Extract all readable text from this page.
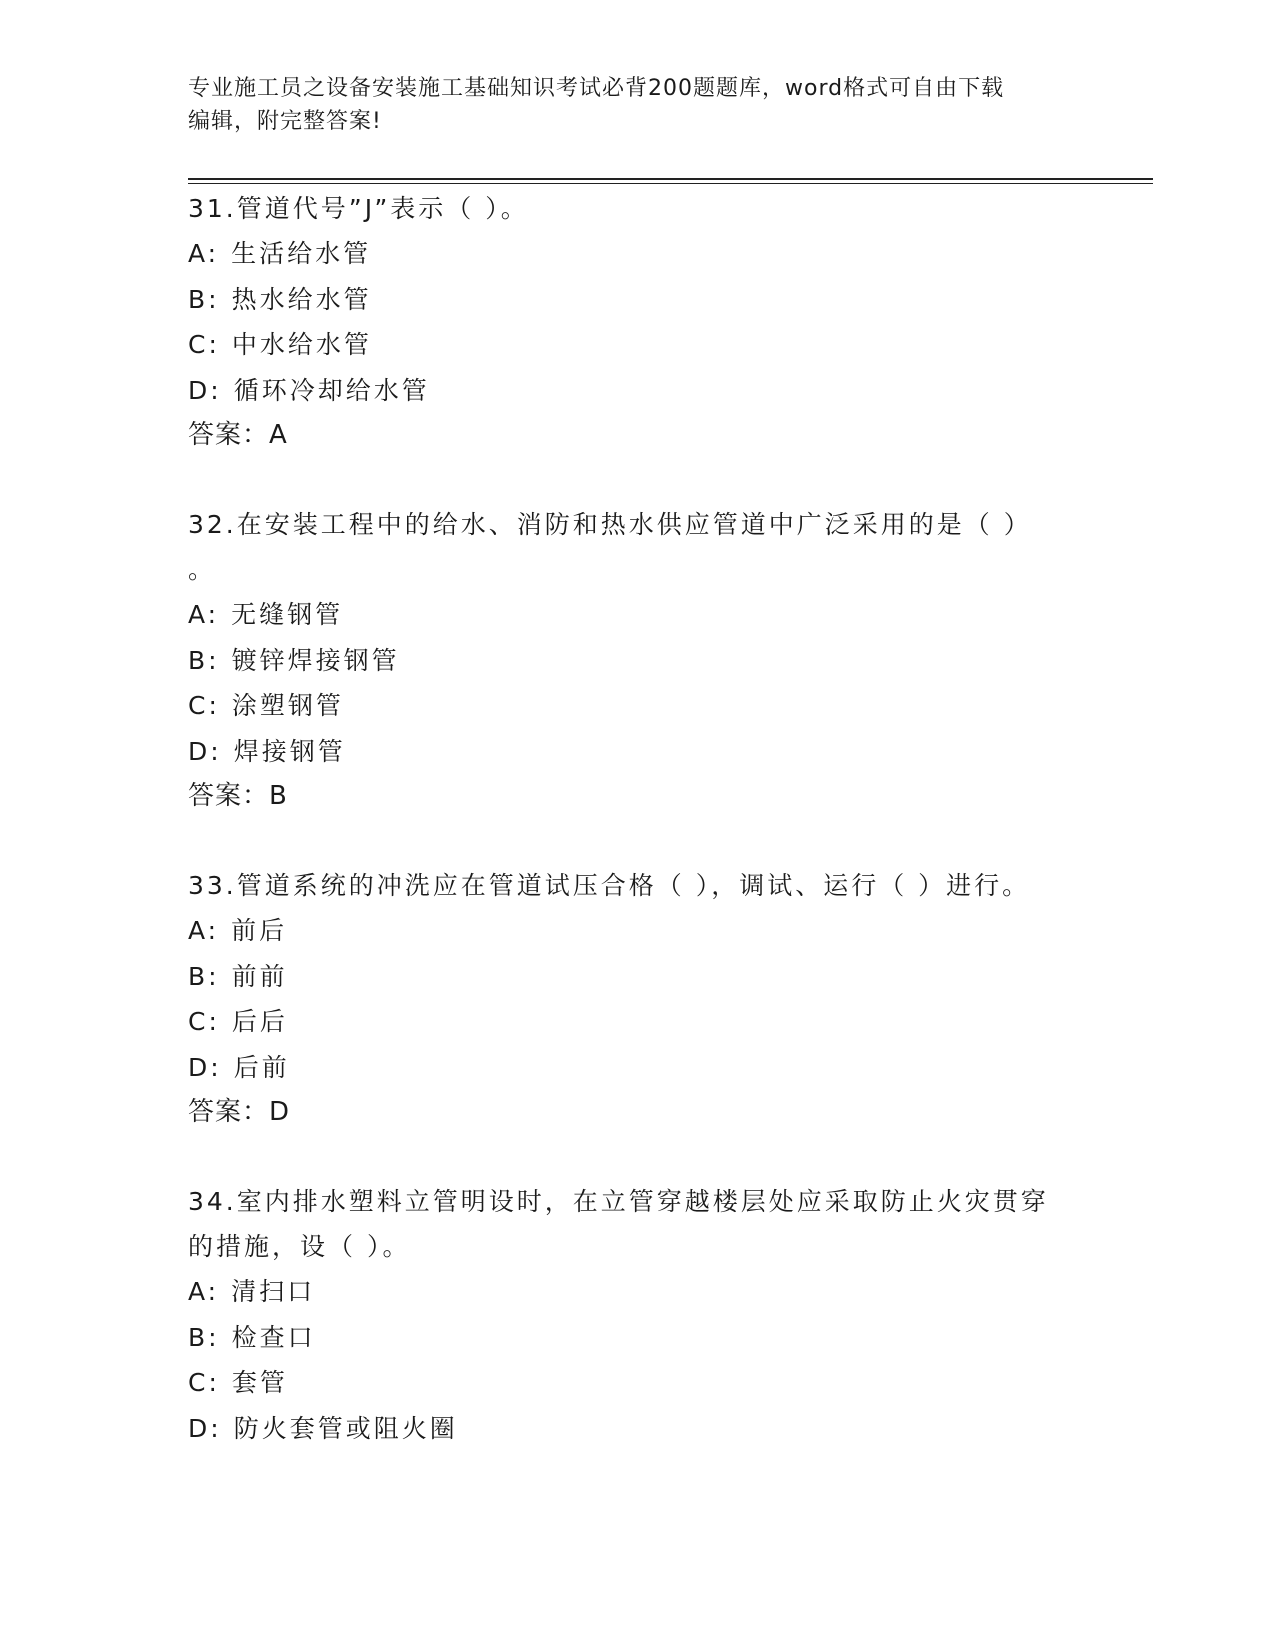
专业施工员之设备安装施工基础知识考试必背200题题库，word格式可自由下载
编辑，附完整答案!

31.管道代号”J”表示（ ）。

A: 生活给水管

B: 热水给水管

C: 中水给水管

D: 循环冷却给水管

答案：A

32.在安装工程中的给水、消防和热水供应管道中广泛采用的是（ ）

。

A: 无缝钢管

B: 镀锌焊接钢管

C: 涂塑钢管

D: 焊接钢管

答案：B

33.管道系统的冲洗应在管道试压合格（ ），调试、运行（ ）进行。

A: 前后

B: 前前

C: 后后

D: 后前

答案：D

34.室内排水塑料立管明设时，在立管穿越楼层处应采取防止火灾贯穿

的措施，设（ ）。

A: 清扫口

B: 检查口

C: 套管

D: 防火套管或阻火圈
